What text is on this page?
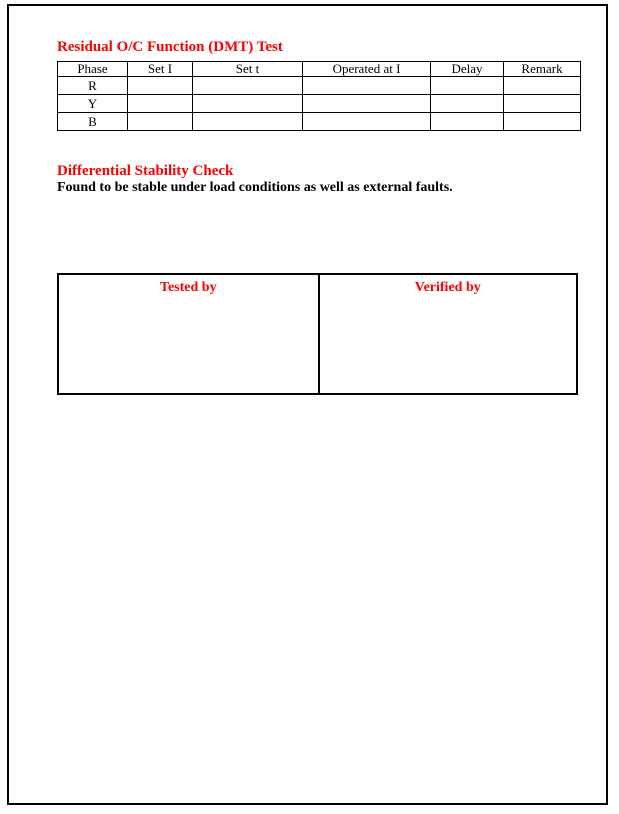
Residual O/C Function (DMT) Test
Phase	Set I	Set t	Operated at I	Delay	Remark
R					
Y					
B					
Differential Stability Check
Found to be stable under load conditions as well as external faults.
Tested by	Verified by
